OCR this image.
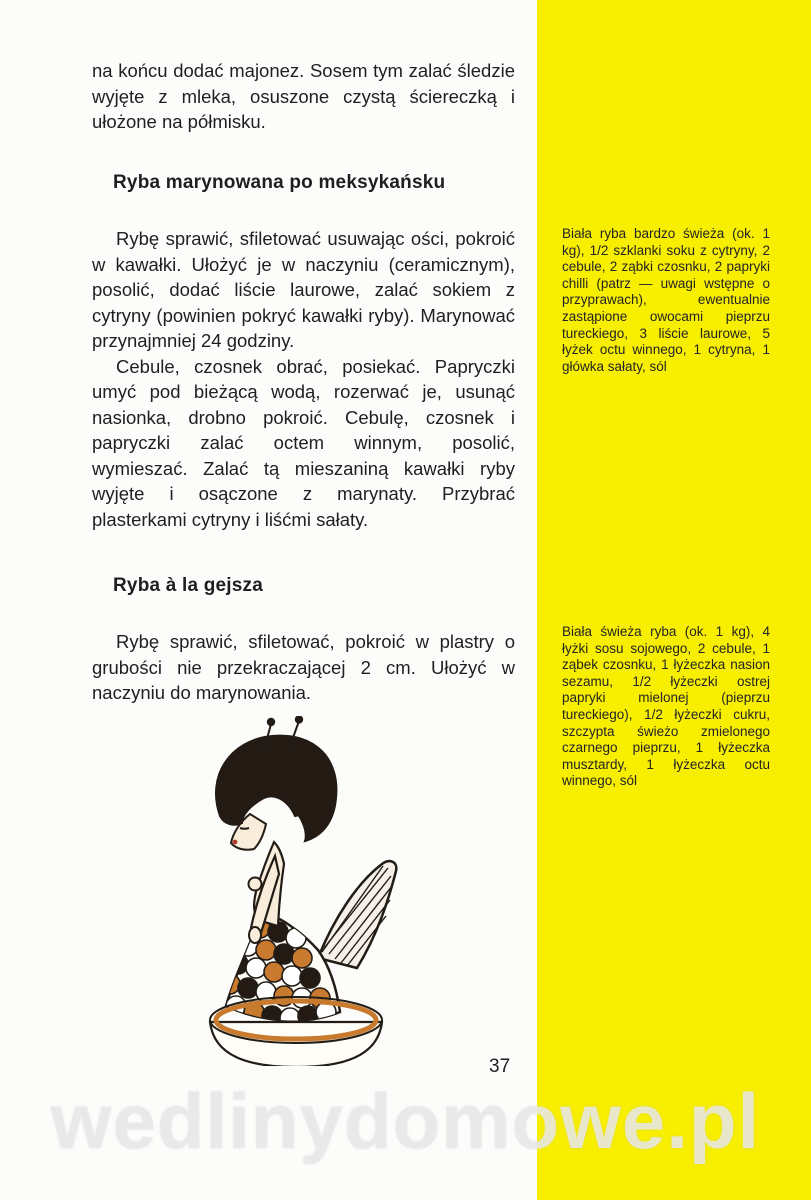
na końcu dodać majonez. Sosem tym zalać śledzie wyjęte z mleka, osuszone czystą ściereczką i ułożone na półmisku.

Ryba marynowana po meksykańsku

Rybę sprawić, sfiletować usuwając ości, pokroić w kawałki. Ułożyć je w naczyniu (ceramicznym), posolić, dodać liście laurowe, zalać sokiem z cytryny (powinien pokryć kawałki ryby). Marynować przynajmniej 24 godziny.

Cebule, czosnek obrać, posiekać. Papryczki umyć pod bieżącą wodą, rozerwać je, usunąć nasionka, drobno pokroić. Cebulę, czosnek i papryczki zalać octem winnym, posolić, wymieszać. Zalać tą mieszaniną kawałki ryby wyjęte i osączone z marynaty. Przybrać plasterkami cytryny i liśćmi sałaty.

Ryba à la gejsza

Rybę sprawić, sfiletować, pokroić w plastry o grubości nie przekraczającej 2 cm. Ułożyć w naczyniu do marynowania.

Biała ryba bardzo świeża (ok. 1 kg), 1/2 szklanki soku z cytryny, 2 cebule, 2 ząbki czosnku, 2 papryki chilli (patrz — uwagi wstępne o przyprawach), ewentualnie zastąpione owocami pieprzu tureckiego, 3 liście laurowe, 5 łyżek octu winnego, 1 cytryna, 1 główka sałaty, sól
Biała świeża ryba (ok. 1 kg), 4 łyżki sosu sojowego, 2 cebule, 1 ząbek czosnku, 1 łyżeczka nasion sezamu, 1/2 łyżeczki ostrej papryki mielonej (pieprzu tureckiego), 1/2 łyżeczki cukru, szczypta świeżo zmielonego czarnego pieprzu, 1 łyżeczka musztardy, 1 łyżeczka octu winnego, sól
37
wedlinydomowe.pl
